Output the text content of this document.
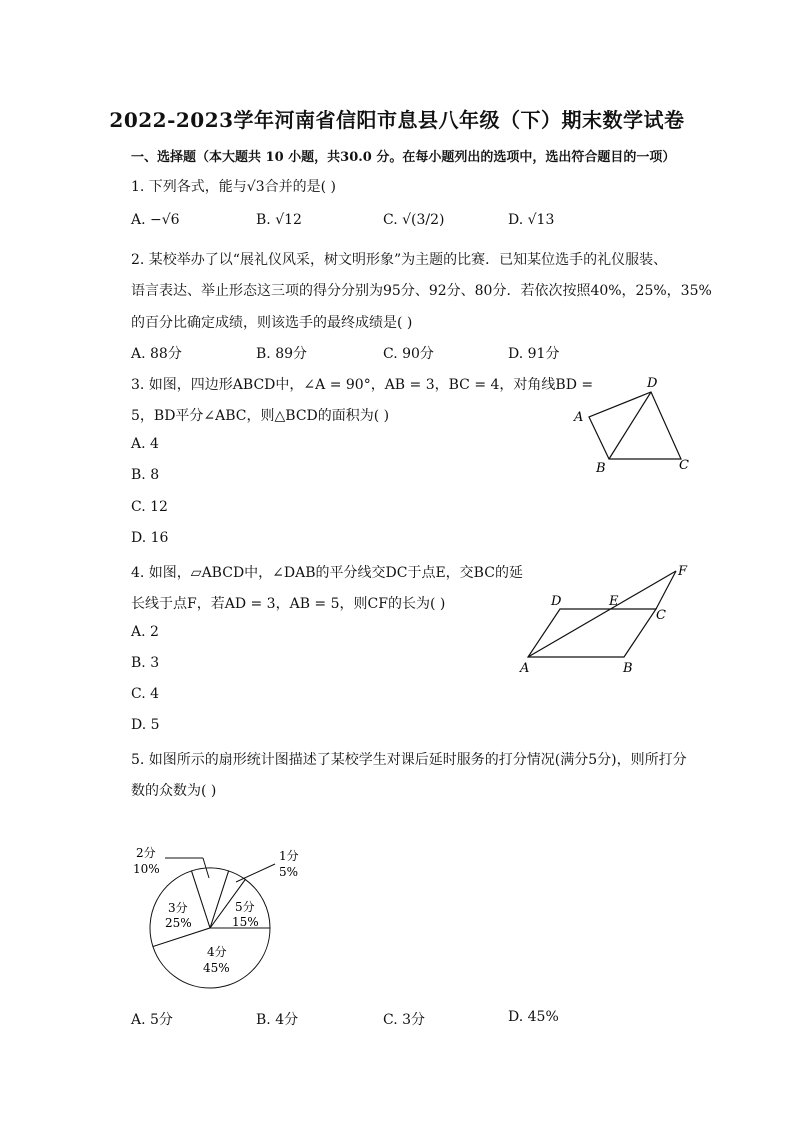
2022-2023学年河南省信阳市息县八年级（下）期末数学试卷
一、选择题（本大题共 10 小题，共30.0 分。在每小题列出的选项中，选出符合题目的一项）
1. 下列各式，能与√3合并的是( )
A. −√6	B. √12	C. √(3/2)	D. √13
2. 某校举办了以“展礼仪风采，树文明形象”为主题的比赛．已知某位选手的礼仪服装、
语言表达、举止形态这三项的得分分别为95分、92分、80分．若依次按照40%，25%，35%
的百分比确定成绩，则该选手的最终成绩是( )
A. 88分	B. 89分	C. 90分	D. 91分
3. 如图，四边形ABCD中，∠A = 90°，AB = 3，BC = 4，对角线BD =
5，BD平分∠ABC，则△BCD的面积为( )
A. 4
B. 8
C. 12
D. 16
A
B	C
D
4. 如图，▱ABCD中，∠DAB的平分线交DC于点E，交BC的延
长线于点F，若AD = 3，AB = 5，则CF的长为( )
A. 2
B. 3
C. 4
D. 5
A	B
C
D	E
F
5. 如图所示的扇形统计图描述了某校学生对课后延时服务的打分情况(满分5分)，则所打分
数的众数为( )
2分
10%
1分
5%
5分
15%
3分
25%
4分
45%
A. 5分	B. 4分	C. 3分	D. 45%
